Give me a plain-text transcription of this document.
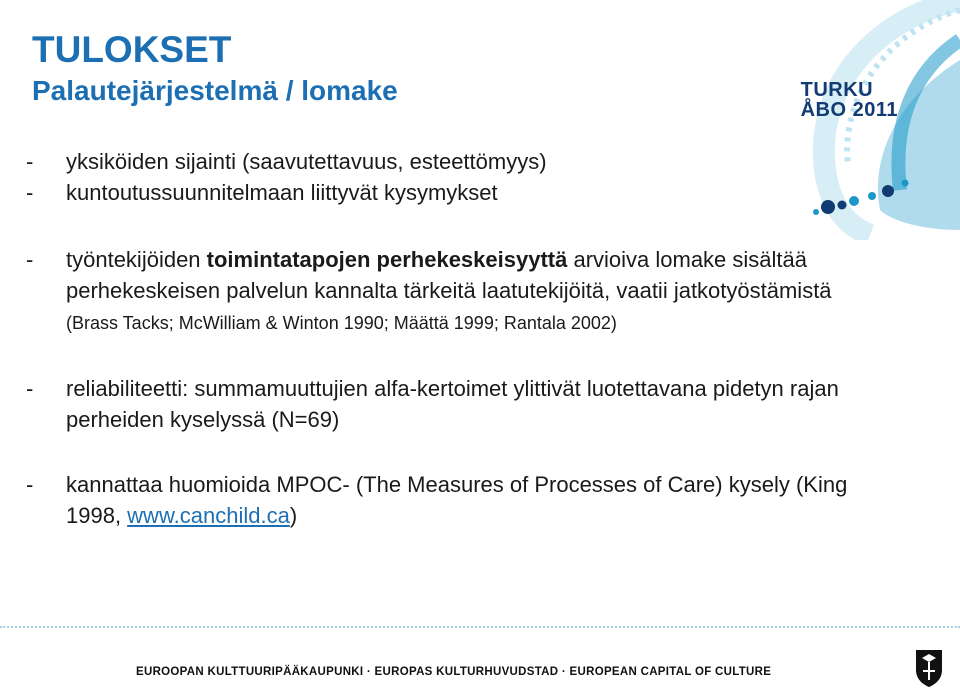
TURKU
ÅBO 2011
TULOKSET
Palautejärjestelmä / lomake
- yksiköiden sijainti (saavutettavuus, esteettömyys)
- kuntoutussuunnitelmaan liittyvät kysymykset
- työntekijöiden toimintatapojen perhekeskeisyyttä arvioiva lomake sisältää perhekeskeisen palvelun kannalta tärkeitä laatutekijöitä, vaatii jatkotyöstämistä (Brass Tacks; McWilliam & Winton 1990; Määttä 1999; Rantala 2002)
- reliabiliteetti: summamuuttujien alfa-kertoimet ylittivät luotettavana pidetyn rajan perheiden kyselyssä (N=69)
- kannattaa huomioida MPOC- (The Measures of Processes of Care) kysely (King 1998, www.canchild.ca)
EUROOPAN KULTTUURIPÄÄKAUPUNKI · EUROPAS KULTURHUVUDSTAD · EUROPEAN CAPITAL OF CULTURE
